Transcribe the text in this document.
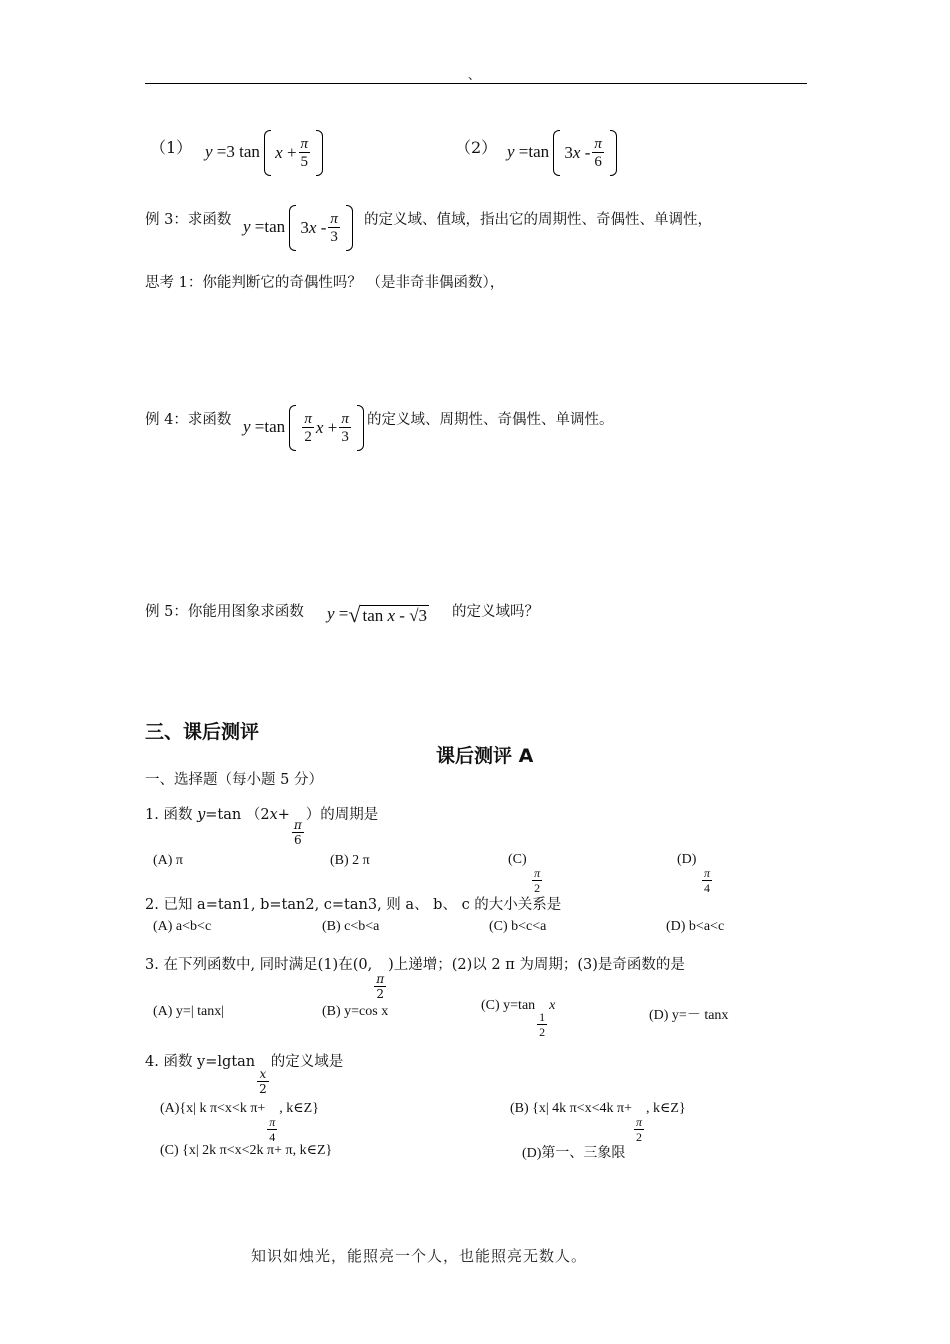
、
（1） y =3 $\tan x + \frac{\pi}{5}$	（2） y =tan
3 x - $\frac{\pi}{6}$
例 3：求函数 y =tan
3 x - $\frac{\pi}{3}$ 的定义域、值域，指出它的周期性、奇偶性、单调性，
思考 1：你能判断它的奇偶性吗？ （是非奇非偶函数），
例 4：求函数 $y =\tan \frac{\pi}{2}$ $x + \frac{\pi}{3}$ 的定义域、周期性、奇偶性、单调性。
例 5：你能用图象求函数 y = √ tan x - √3 的定义域吗？
三、课后测评
课后测评 A
一、选择题（每小题 5 分）
1. 函数 y=tan （2x+
$\frac{\pi}{6}$
）的周期是
(A) π	(B) 2 π	(C)
$\frac{\pi}{2}$
(D)
$\frac{\pi}{4}$
2. 已知 a=tan1, b=tan2, c=tan3, 则 a、 b、 c 的大小关系是
(A) a<b<c	(B) c<b<a	(C) b<c<a	(D) b<a<c
3. 在下列函数中, 同时满足(1)在(0,
$\frac{\pi}{2}$
)上递增；(2)以 2 π 为周期；(3)是奇函数的是
(A) y=| tanx|	(B) y=cos x	(C) y=tan
$\frac{1}{2}$
x
(D) y=－ tanx
4. 函数 y=lgtan
$\frac{x}{2}$
的定义域是
(A){x| k π<x<k π+
$\frac{\pi}{4}$
, k∈Z}	(B) {x| 4k π<x<4k π+
$\frac{\pi}{2}$
, k∈Z}
(C) {x| 2k π<x<2k π+ π, k∈Z}	(D)第一、三象限
知识如烛光，能照亮一个人，也能照亮无数人。
